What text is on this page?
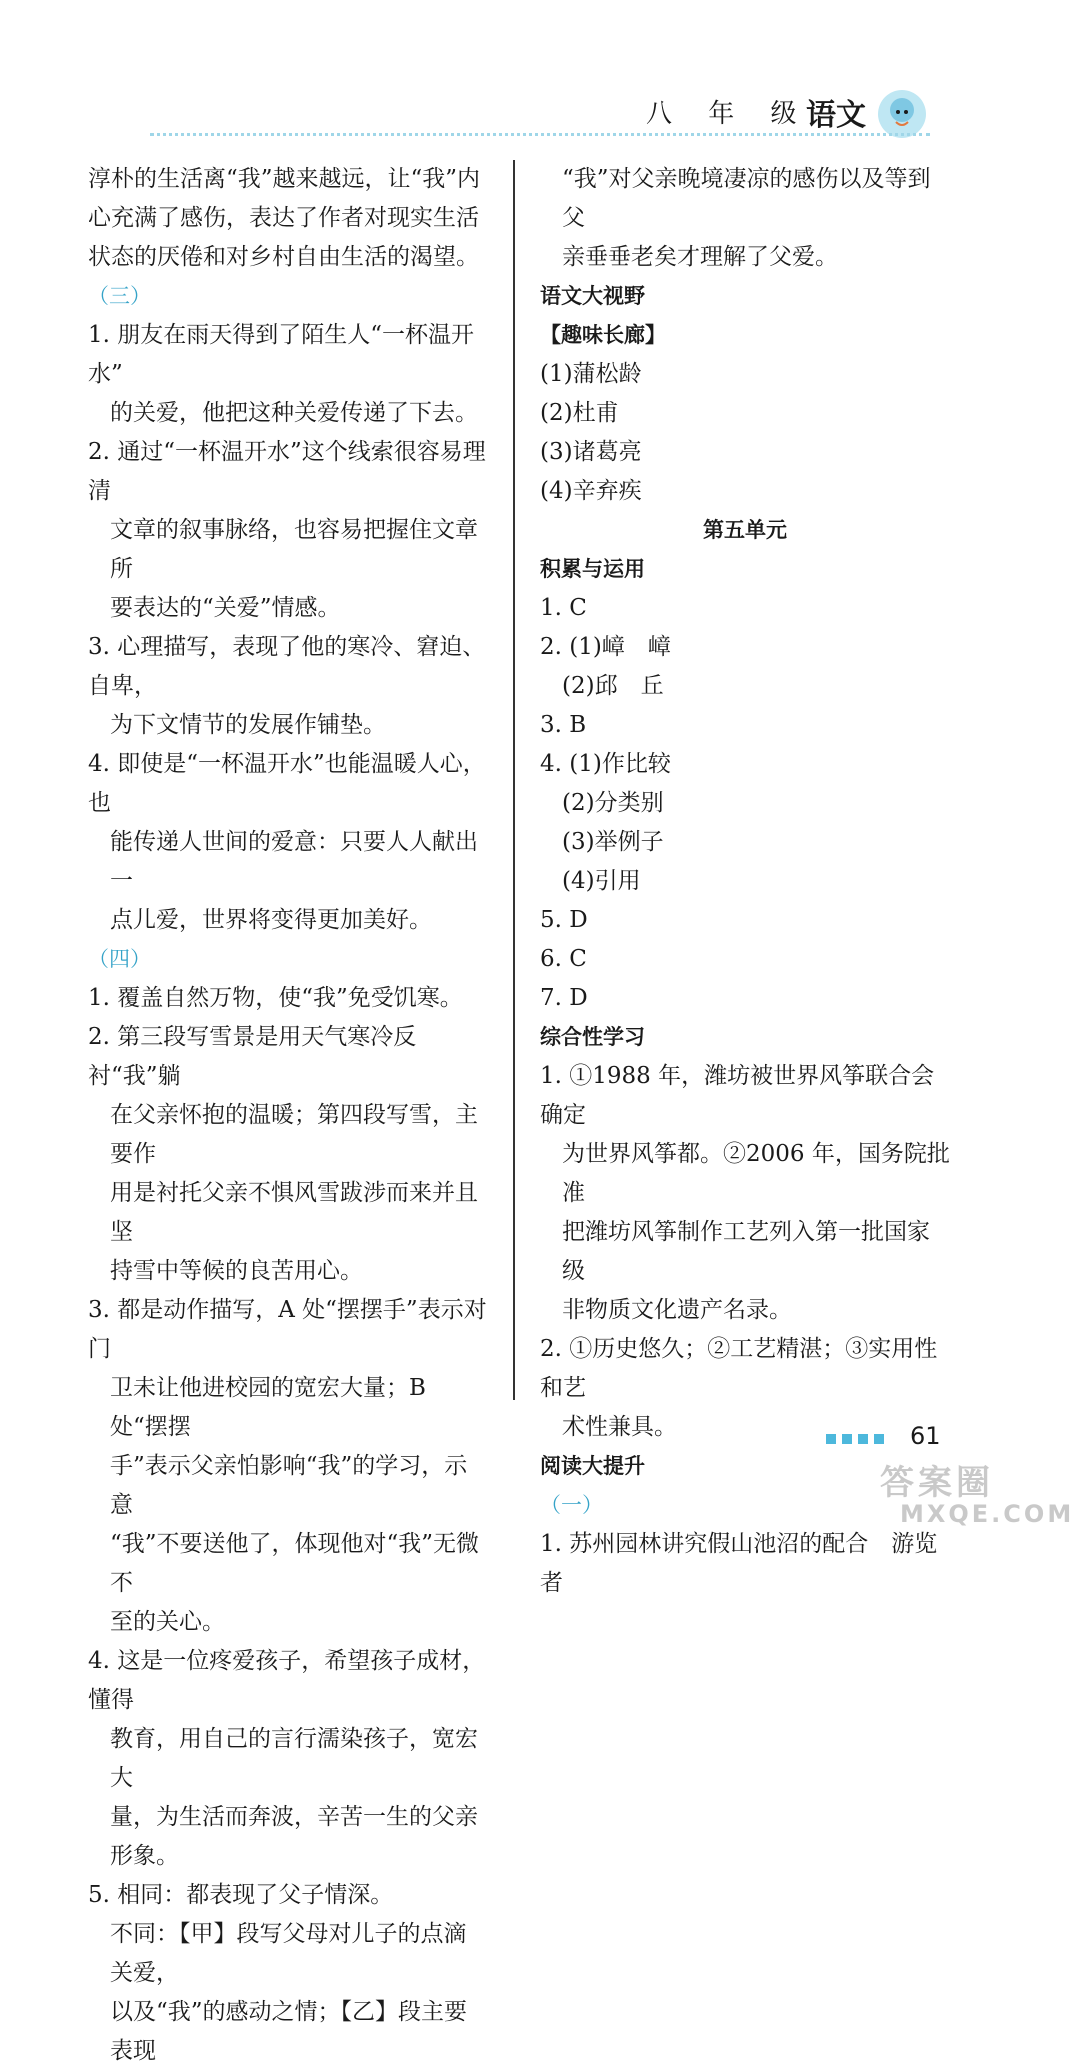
八 年 级
语文
淳朴的生活离“我”越来越远，让“我”内
心充满了感伤，表达了作者对现实生活
状态的厌倦和对乡村自由生活的渴望。
（三）
1. 朋友在雨天得到了陌生人“一杯温开水”
的关爱，他把这种关爱传递了下去。
2. 通过“一杯温开水”这个线索很容易理清
文章的叙事脉络，也容易把握住文章所
要表达的“关爱”情感。
3. 心理描写，表现了他的寒冷、窘迫、自卑，
为下文情节的发展作铺垫。
4. 即使是“一杯温开水”也能温暖人心，也
能传递人世间的爱意：只要人人献出一
点儿爱，世界将变得更加美好。
（四）
1. 覆盖自然万物，使“我”免受饥寒。
2. 第三段写雪景是用天气寒冷反衬“我”躺
在父亲怀抱的温暖；第四段写雪，主要作
用是衬托父亲不惧风雪跋涉而来并且坚
持雪中等候的良苦用心。
3. 都是动作描写，A 处“摆摆手”表示对门
卫未让他进校园的宽宏大量；B 处“摆摆
手”表示父亲怕影响“我”的学习，示意
“我”不要送他了，体现他对“我”无微不
至的关心。
4. 这是一位疼爱孩子，希望孩子成材，懂得
教育，用自己的言行濡染孩子，宽宏大
量，为生活而奔波，辛苦一生的父亲
形象。
5. 相同：都表现了父子情深。
不同：【甲】段写父母对儿子的点滴关爱，
以及“我”的感动之情；【乙】段主要表现
“我”对父亲晚境凄凉的感伤以及等到父
亲垂垂老矣才理解了父爱。
语文大视野
【趣味长廊】
(1)蒲松龄
(2)杜甫
(3)诸葛亮
(4)辛弃疾
第五单元
积累与运用
1. C
2. (1)嶂　嶂
(2)邱　丘
3. B
4. (1)作比较
(2)分类别
(3)举例子
(4)引用
5. D
6. C
7. D
综合性学习
1. ①1988 年，潍坊被世界风筝联合会确定
为世界风筝都。②2006 年，国务院批准
把潍坊风筝制作工艺列入第一批国家级
非物质文化遗产名录。
2. ①历史悠久；②工艺精湛；③实用性和艺
术性兼具。
阅读大提升
（一）
1. 苏州园林讲究假山池沼的配合　游览者
61
答案圈
MXQE.COM
